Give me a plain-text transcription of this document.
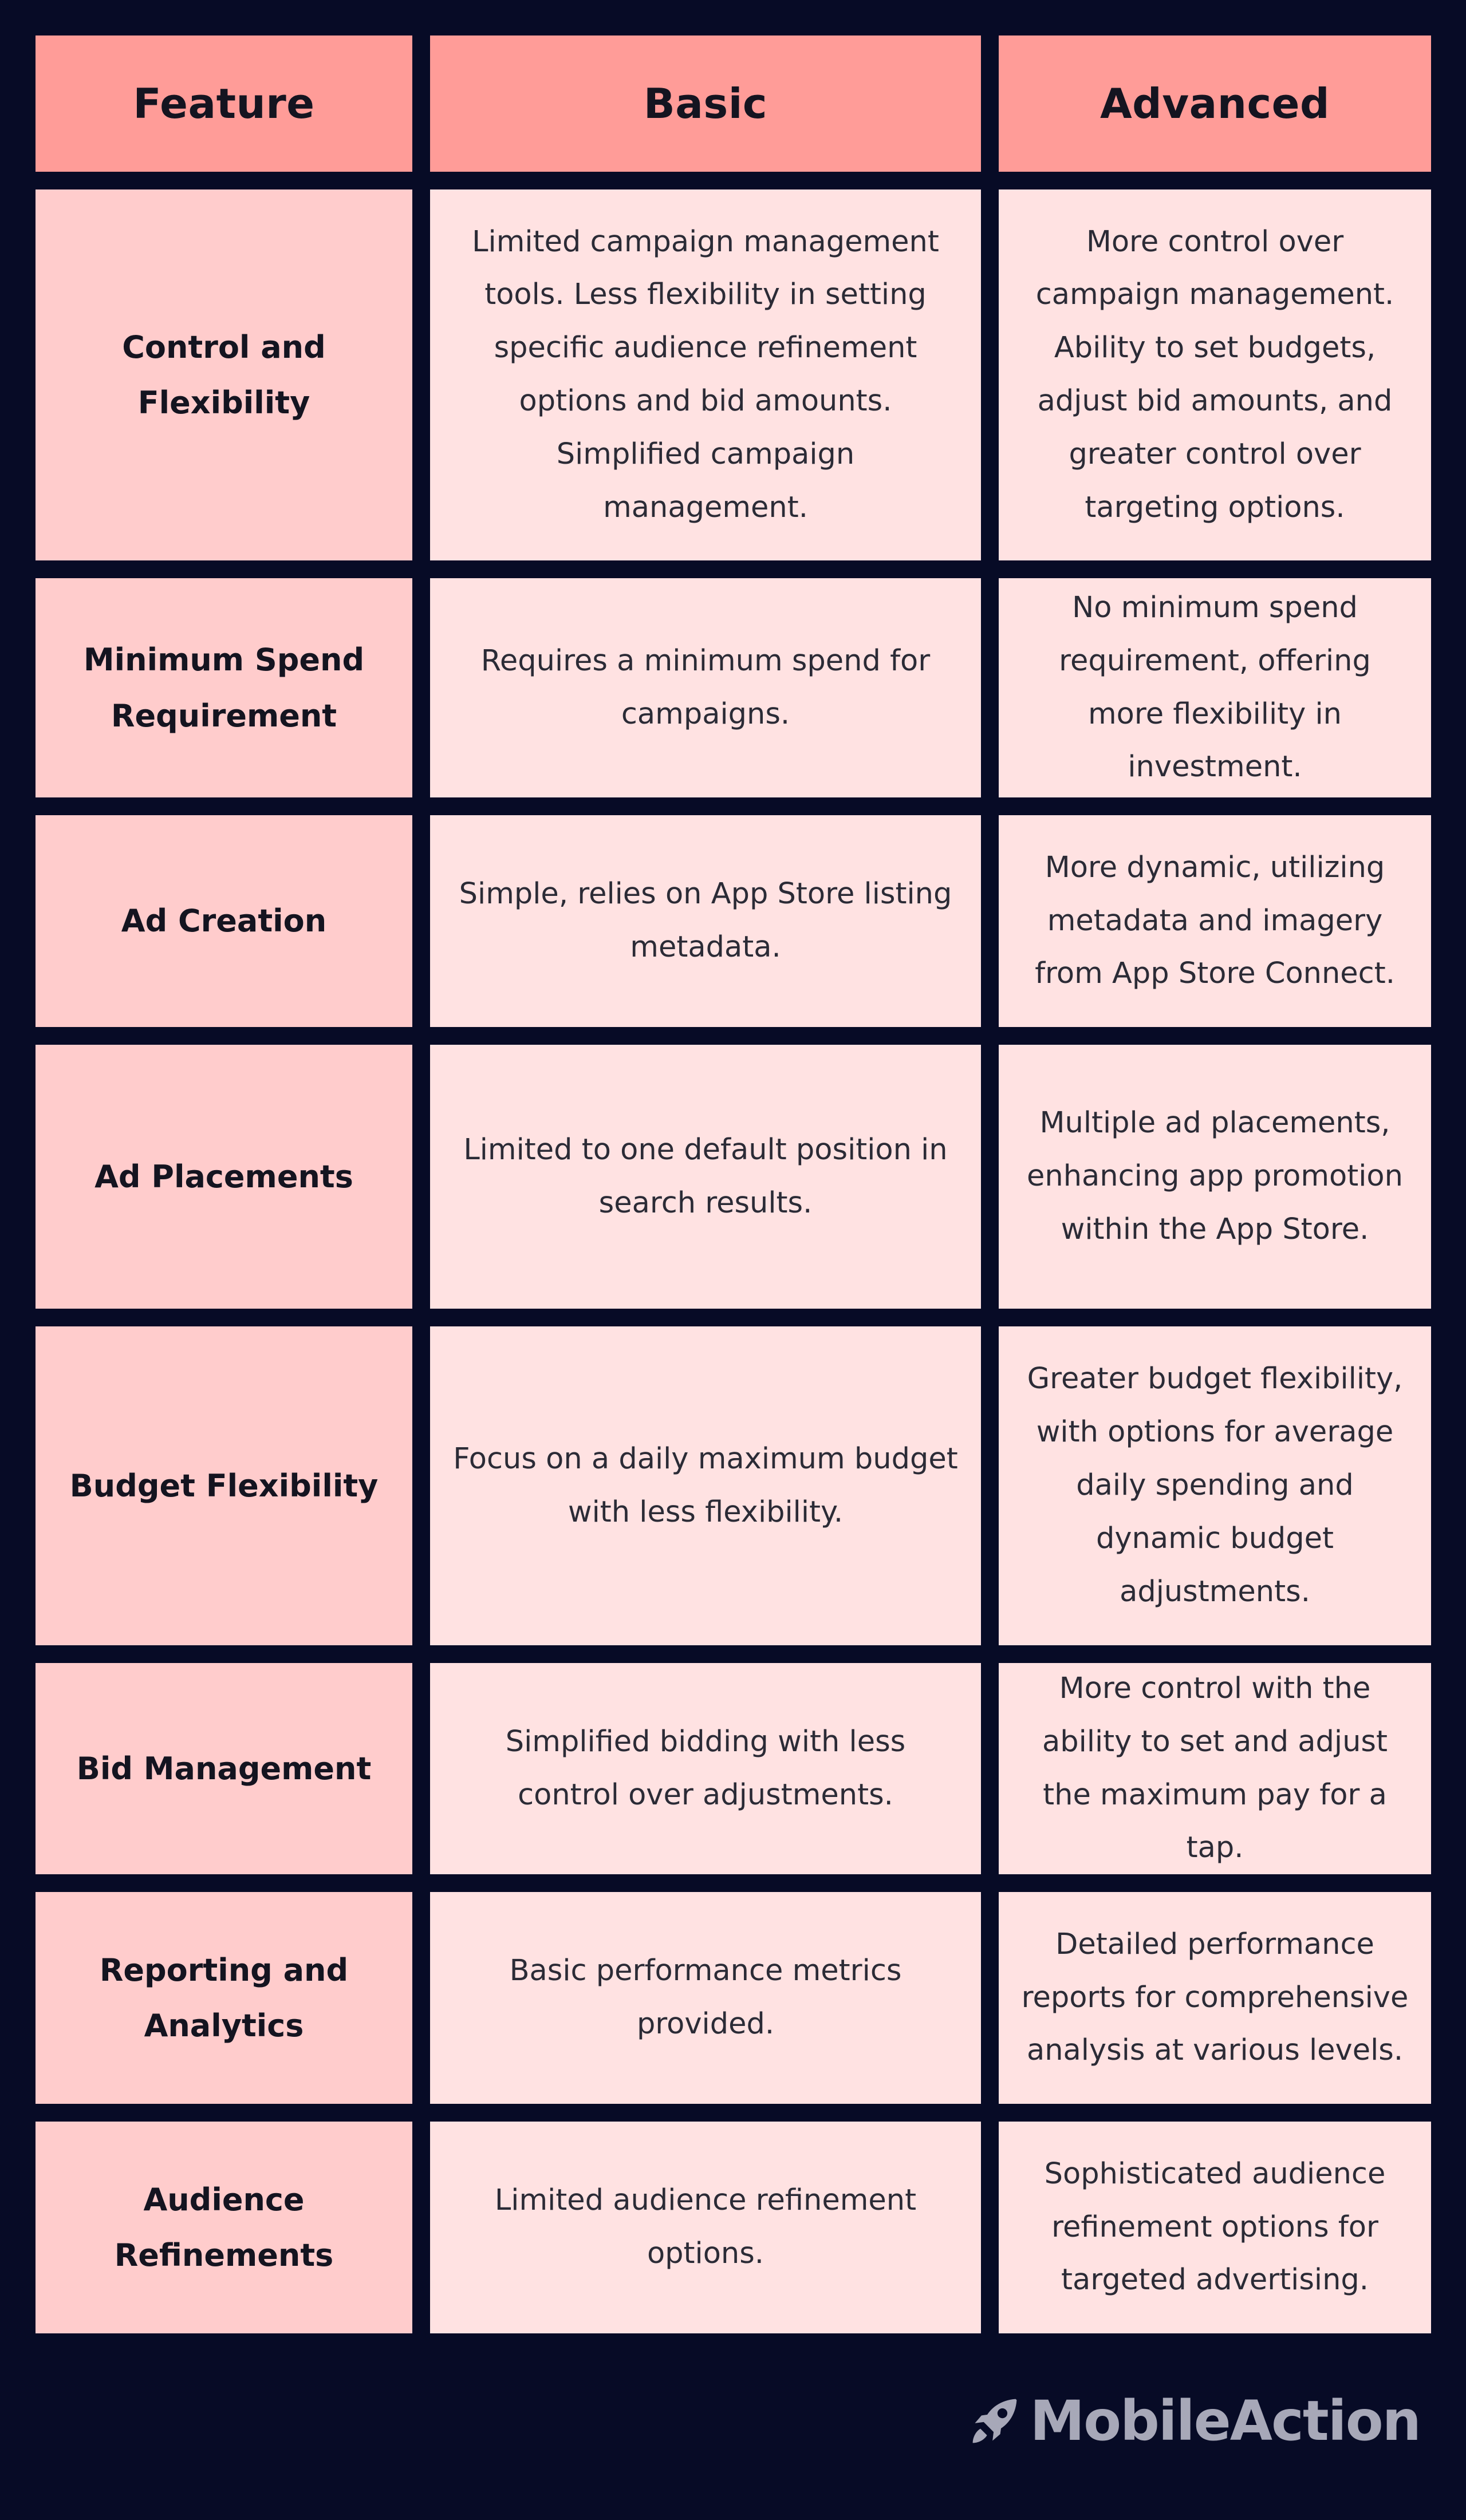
Feature	Basic	Advanced
Control and Flexibility
Limited campaign management tools. Less flexibility in setting specific audience refinement options and bid amounts. Simplified campaign management.
More control over campaign management. Ability to set budgets, adjust bid amounts, and greater control over targeting options.
Minimum Spend Requirement
Requires a minimum spend for campaigns.
No minimum spend requirement, offering more flexibility in investment.
Ad Creation
Simple, relies on App Store listing metadata.
More dynamic, utilizing metadata and imagery from App Store Connect.
Ad Placements
Limited to one default position in search results.
Multiple ad placements, enhancing app promotion within the App Store.
Budget Flexibility
Focus on a daily maximum budget with less flexibility.
Greater budget flexibility, with options for average daily spending and dynamic budget adjustments.
Bid Management
Simplified bidding with less control over adjustments.
More control with the ability to set and adjust the maximum pay for a tap.
Reporting and Analytics
Basic performance metrics provided.
Detailed performance reports for comprehensive analysis at various levels.
Audience Refinements
Limited audience refinement options.
Sophisticated audience refinement options for targeted advertising.
MobileAction
